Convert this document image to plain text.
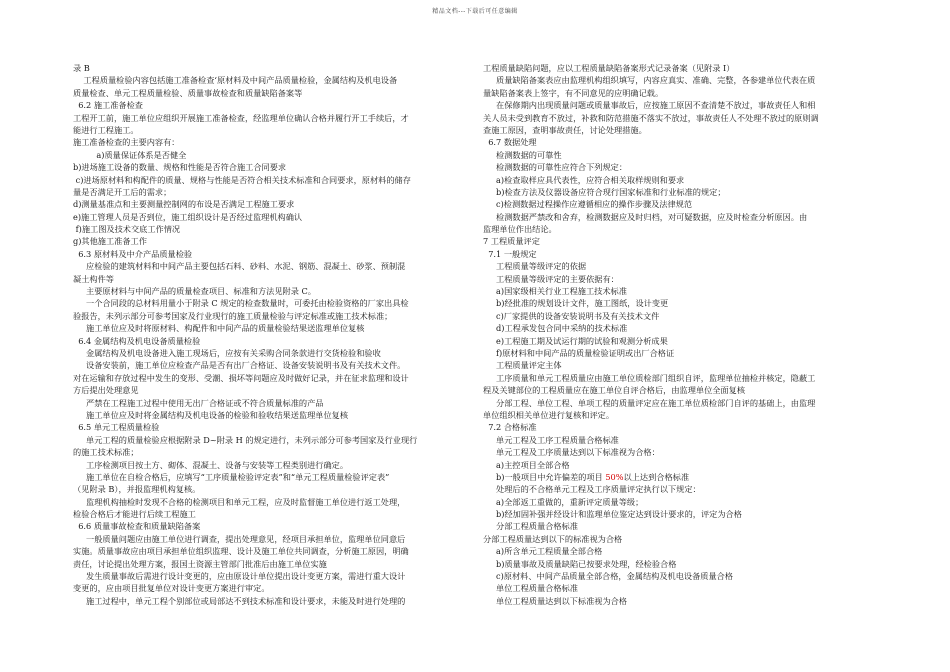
精品文档---下载后可任意编辑
录 B
工程质量检验内容包括施工准备检查‘原材料及中间产品质量检验，金属结构及机电设备
质量检查、单元工程质量检验、质量事故检查和质量缺陷备案等
6.2 施工准备检查
工程开工前，施工单位应组织开展施工准备检查，经监理单位确认合格并履行开工手续后，才
能进行工程施工。
施工准备检查的主要内容有：
a)质量保证体系是否健全
b)进场施工设备的数量、规格和性能是否符合施工合同要求
c)进场原材料和构配件的质量、规格与性能是否符合相关技术标准和合同要求，原材料的储存
量是否满足开工后的需求；
d)测量基准点和主要测量控制网的布设是否满足工程施工要求
e)施工管理人员是否到位，施工组织设计是否经过监理机构确认
f)施工图及技术交底工作情况
g)其他施工准备工作
6.3 原材料及中介产品质量检验
应检验的建筑材料和中间产品主要包括石料、砂料、水泥、钢筋、混凝土、砂浆、预制混
凝土构件等
主要原材料与中间产品的质量检查项目、标准和方法见附录 C。
一个合同段的总材料用量小于附录 C 规定的检查数量时，可委托由检验资格的厂家出具检
验报告，未列示部分可参考国家及行业现行的施工质量检验与评定标准或施工技术标准；
施工单位应及时将原材料、构配件和中间产品的质量检验结果送监理单位复核
6.4 金属结构及机电设备质量检验
金属结构及机电设备进入施工现场后，应按有关采购合同条款进行交货检验和验收
设备安装前，施工单位应检查产品是否有出厂合格证、设备安装说明书及有关技术文件。
对在运输和存放过程中发生的变形、受潮、损坏等问题应及时做好记录，并在征求监理和设计
方后提出处理意见
严禁在工程施工过程中使用无出厂合格证或不符合质量标准的产品
施工单位应及时将金属结构及机电设备的检验和验收结果送监理单位复核
6.5 单元工程质量检验
单元工程的质量检验应根据附录 D~附录 H 的规定进行，未列示部分可参考国家及行业现行
的施工技术标准；
工序检测项目按土方、砌体、混凝土、设备与安装等工程类别进行确定。
施工单位在自检合格后，应填写“工序质量检验评定表”和“单元工程质量检验评定表”
（见附录 B），并报监理机构复核。
监理机构抽检时发现不合格的检测项目和单元工程，应及时监督施工单位进行返工处理，
检验合格后才能进行后续工程施工
6.6 质量事故检查和质量缺陷备案
一般质量问题应由施工单位进行调查，提出处理意见，经项目承担单位，监理单位同意后
实施。质量事故应由项目承担单位组织监理、设计及施工单位共同调查，分析施工原因，明确
责任，讨论提出处理方案，报国土资源主管部门批准后由施工单位实施
发生质量事故后需进行设计变更的，应由原设计单位提出设计变更方案，需进行重大设计
变更的，应由项目批复单位对设计变更方案进行审定。
施工过程中，单元工程个别部位或局部达不到技术标准和设计要求，未能及时进行处理的
工程质量缺陷问题，应以工程质量缺陷备案形式记录备案（见附录 I）
质量缺陷备案表应由监理机构组织填写，内容应真实、准确、完整，各参建单位代表在质
量缺陷备案表上签字，有不同意见的应明确记载。
在保修期内出现质量问题或质量事故后，应按施工原因不查清楚不放过，事故责任人和相
关人员未受到教育不放过，补救和防范措施不落实不放过，事故责任人不处理不放过的原则调
查施工原因，查明事故责任，讨论处理措施。
6.7 数据处理
检测数据的可靠性
检测数据的可靠性应符合下列规定：
a)检查取样应具代表性，应符合相关取样规则和要求
b)检查方法及仪器设备应符合现行国家标准和行业标准的规定；
c)检测数据过程操作应遵循相应的操作步骤及法律规范
检测数据严禁改和舍弃，检测数据应及时归档，对可疑数据，应及时检查分析原因。由
监理单位作出结论。
7 工程质量评定
7.1 一般规定
工程质量等级评定的依据
工程质量等级评定的主要依据有：
a)国家级相关行业工程施工技术标准
b)经批准的规划设计文件，施工图纸，设计变更
c)厂家提供的设备安装说明书及有关技术文件
d)工程承发包合同中采纳的技术标准
e)工程施工期及试运行期的试验和观测分析成果
f)原材料和中间产品的质量检验证明或出厂合格证
工程质量评定主体
工序质量和单元工程质量应由施工单位质检部门组织自评，监理单位抽检并核定，隐蔽工
程及关键部位的工程质量应在施工单位自评合格后，由监理单位全面复核
分部工程、单位工程、单项工程的质量评定应在施工单位质检部门自评的基础上，由监理
单位组织相关单位进行复核和评定。
7.2 合格标准
单元工程及工序工程质量合格标准
单元工程及工序质量达到以下标准视为合格：
a)主控项目全部合格
b)一般项目中允许偏差的项目 50%以上达到合格标准
处理后的不合格单元工程及工序质量评定执行以下规定：
a)全部返工重做的，重新评定质量等级；
b)经加固补强并经设计和监理单位鉴定达到设计要求的，评定为合格
分部工程质量合格标准
分部工程质量达到以下的标准视为合格
a)所含单元工程质量全部合格
b)质量事故及质量缺陷已按要求处理，经检验合格
c)原材料、中间产品质量全部合格，金属结构及机电设备质量合格
单位工程质量合格标准
单位工程质量达到以下标准视为合格
